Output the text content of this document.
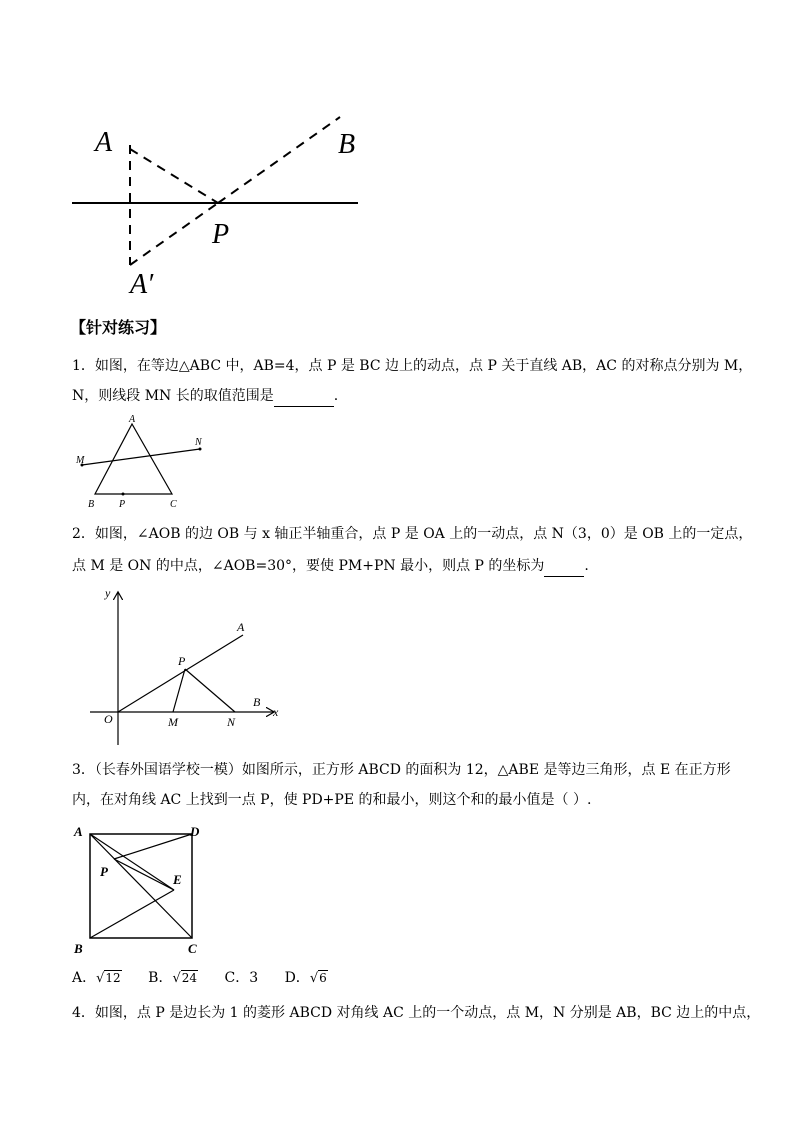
A	B
P
A′
【针对练习】
1．如图，在等边△ABC 中，AB=4，点 P 是 BC 边上的动点，点 P 关于直线 AB，AC 的对称点分别为 M，
N，则线段 MN 长的取值范围是	.
A
N
M
B P	C
2．如图，∠AOB 的边 OB 与 x 轴正半轴重合，点 P 是 OA 上的一动点，点 N（3，0）是 OB 上的一定点，
点 M 是 ON 的中点，∠AOB=30°，要使 PM+PN 最小，则点 P 的坐标为	.
y
A
P
B
x
O	M	N
3．（长春外国语学校一模）如图所示，正方形 ABCD 的面积为 12，△ABE 是等边三角形，点 E 在正方形
内，在对角线 AC 上找到一点 P，使 PD+PE 的和最小，则这个和的最小值是（ ）.
A	D
P
E
B	C
A．√12 B．√24 C．3 D．√6
4．如图，点 P 是边长为 1 的菱形 ABCD 对角线 AC 上的一个动点，点 M，N 分别是 AB，BC 边上的中点，
